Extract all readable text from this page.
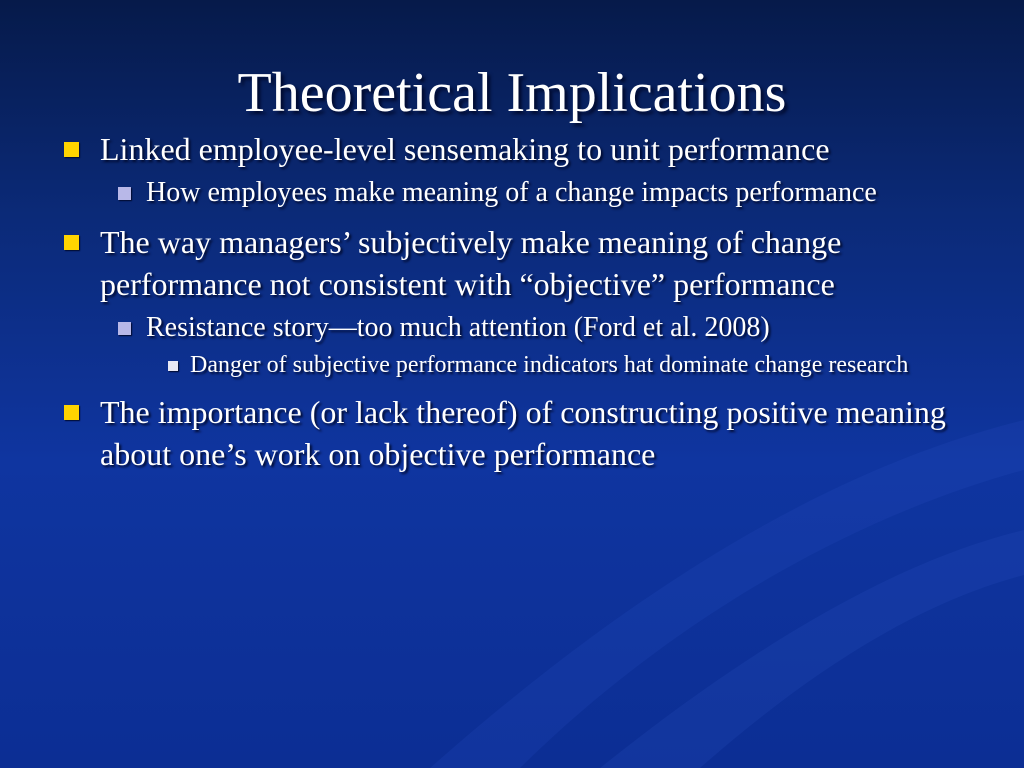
Theoretical Implications
Linked employee-level sensemaking to unit performance
How employees make meaning of a change impacts performance
The way managers’ subjectively make meaning of change performance not consistent with “objective” performance
Resistance story—too much attention (Ford et al. 2008)
Danger of subjective performance indicators hat dominate change research
The importance (or lack thereof) of constructing positive meaning about one’s work on objective performance
